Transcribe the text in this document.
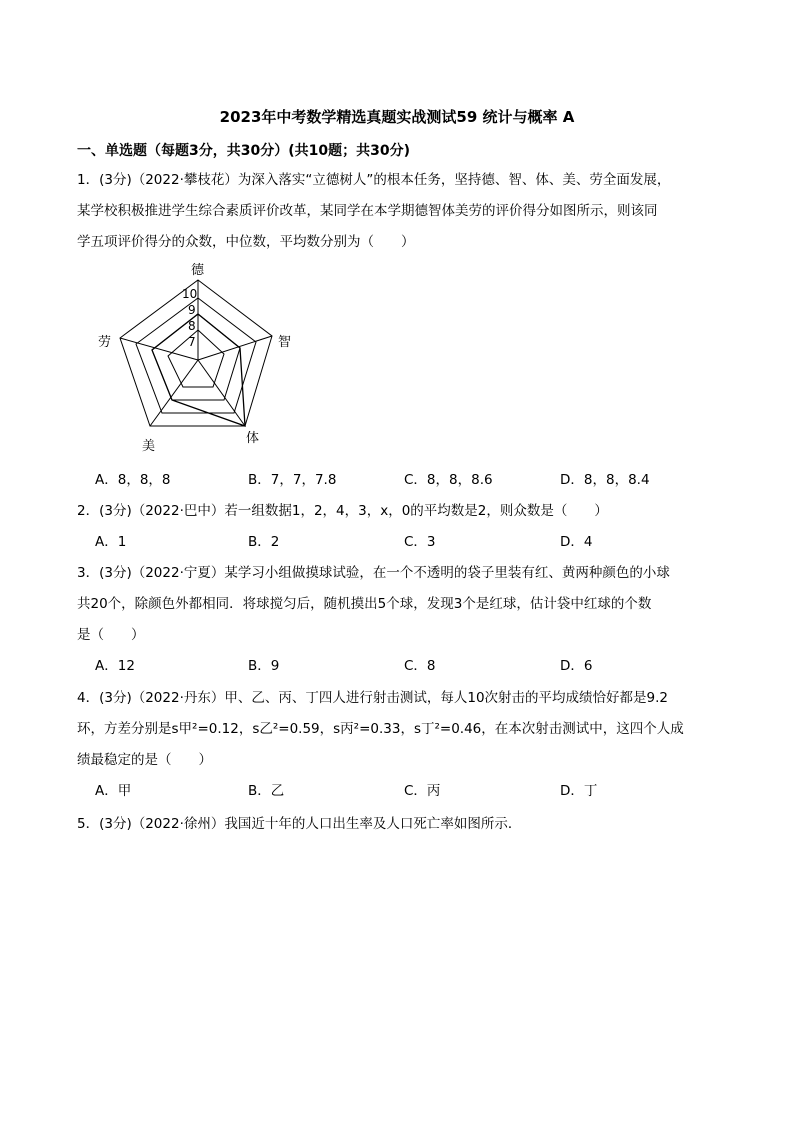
2023年中考数学精选真题实战测试59 统计与概率 A
一、单选题（每题3分，共30分）(共10题；共30分)
1．(3分)（2022·攀枝花）为深入落实“立德树人”的根本任务，坚持德、智、体、美、劳全面发展，
某学校积极推进学生综合素质评价改革，某同学在本学期德智体美劳的评价得分如图所示，则该同
学五项评价得分的众数，中位数，平均数分别为（　　）
德
智
体
美
劳
10
9
8
7
A．8，8，8	B．7，7，7.8	C．8，8，8.6	D．8，8，8.4
2．(3分)（2022·巴中）若一组数据1，2，4，3，x，0的平均数是2，则众数是（　　）
A．1	B．2	C．3	D．4
3．(3分)（2022·宁夏）某学习小组做摸球试验，在一个不透明的袋子里装有红、黄两种颜色的小球
共20个，除颜色外都相同．将球搅匀后，随机摸出5个球，发现3个是红球，估计袋中红球的个数
是（　　）
A．12	B．9	C．8	D．6
4．(3分)（2022·丹东）甲、乙、丙、丁四人进行射击测试，每人10次射击的平均成绩恰好都是9.2
环，方差分别是s甲²=0.12，s乙²=0.59，s丙²=0.33，s丁²=0.46，在本次射击测试中，这四个人成
绩最稳定的是（　　）
A．甲	B．乙	C．丙	D．丁
5．(3分)（2022·徐州）我国近十年的人口出生率及人口死亡率如图所示．
